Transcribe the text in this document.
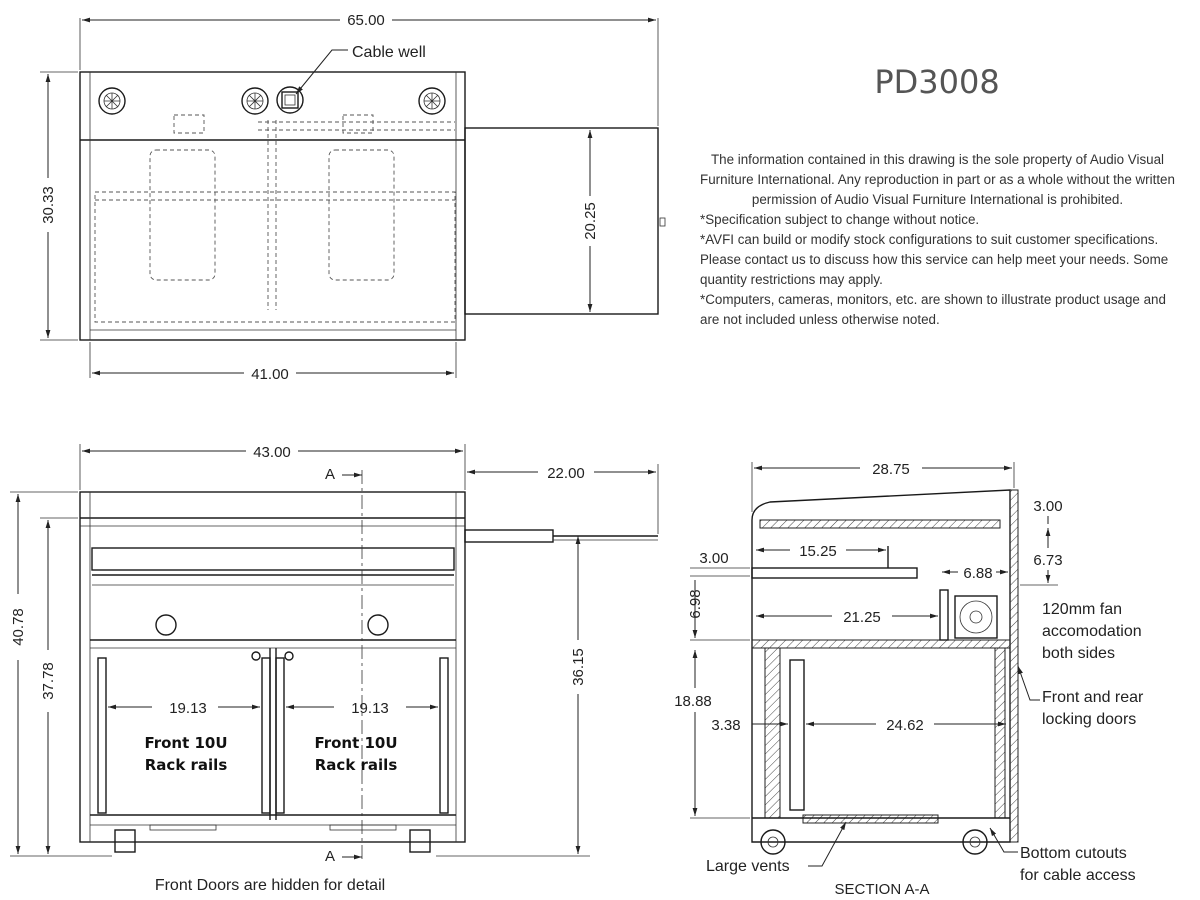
PD3008
65.00
30.33	20.25
41.00
Cable well
A
A
43.00
22.00
40.78
37.78	36.15
19.13	19.13
Front 10U
Rack rails
Front 10U
Rack rails
Front Doors are hidden for detail
28.75
3.00
6.73
3.00	15.25
6.88
6.98	21.25
18.88
3.38	24.62
120mm fan
accomodation
both sides
Front and rear
locking doors
Large vents
Bottom cutouts
for cable access
SECTION A-A
The information contained in this drawing is the sole property of Audio Visual Furniture International. Any reproduction in part or as a whole without the written permission of Audio Visual Furniture International is prohibited.
*Specification subject to change without notice.
*AVFI can build or modify stock configurations to suit customer specifications. Please contact us to discuss how this service can help meet your needs. Some quantity restrictions may apply.
*Computers, cameras, monitors, etc. are shown to illustrate product usage and are not included unless otherwise noted.
